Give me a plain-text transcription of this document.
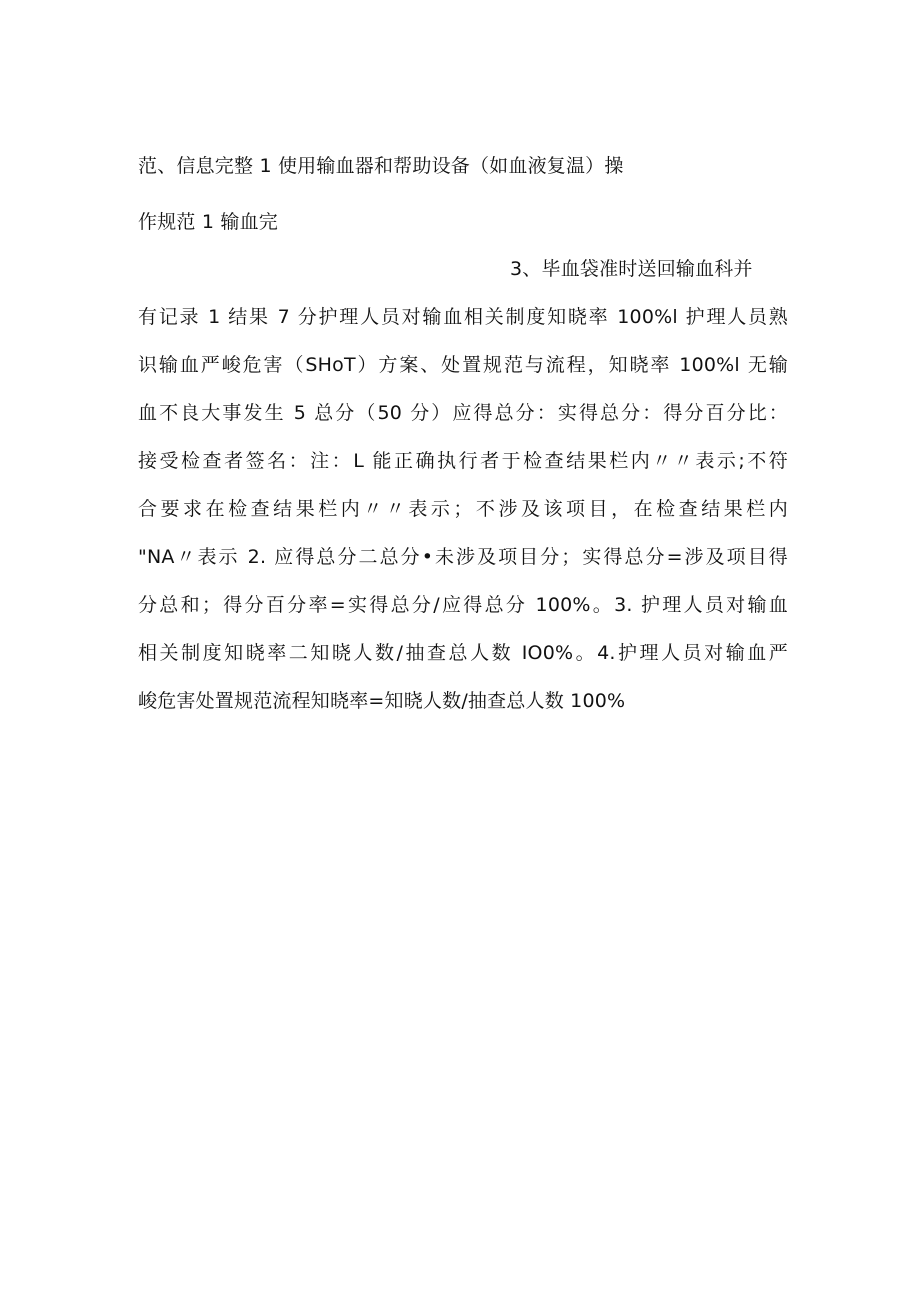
范、信息完整 1 使用输血器和帮助设备（如血液复温）操
作规范 1 输血完
3、毕血袋准时送回输血科并
有记录 1 结果 7 分护理人员对输血相关制度知晓率 100%l 护理人员熟
识输血严峻危害（SHoT）方案、处置规范与流程，知晓率 100%l 无输
血不良大事发生 5 总分（50 分）应得总分：实得总分：得分百分比：
接受检查者签名：注：L 能正确执行者于检查结果栏内〃〃表示;不符
合要求在检查结果栏内〃〃表示；不涉及该项目，在检查结果栏内
"NA〃表示 2. 应得总分二总分•未涉及项目分；实得总分=涉及项目得
分总和；得分百分率=实得总分/应得总分 100%。3. 护理人员对输血
相关制度知晓率二知晓人数/抽查总人数 IO0%。4.护理人员对输血严
峻危害处置规范流程知晓率=知晓人数/抽查总人数 100%
